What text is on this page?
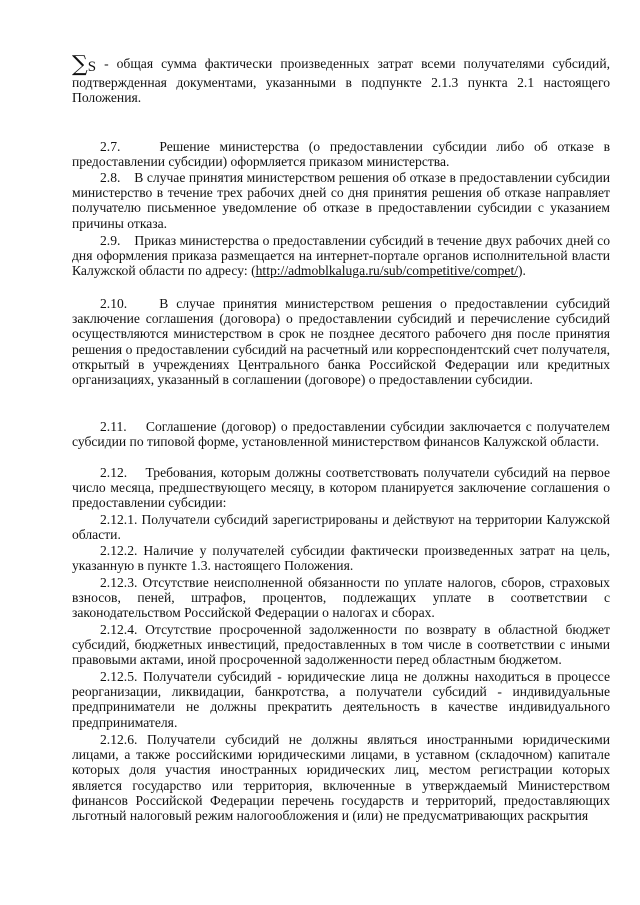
∑S - общая сумма фактически произведенных затрат всеми получателями субсидий, подтвержденная документами, указанными в подпункте 2.1.3 пункта 2.1 настоящего Положения.

2.7.	Решение министерства (о предоставлении субсидии либо об отказе в предоставлении субсидии) оформляется приказом министерства.

2.8. В случае принятия министерством решения об отказе в предоставлении субсидии министерство в течение трех рабочих дней со дня принятия решения об отказе направляет получателю письменное уведомление об отказе в предоставлении субсидии с указанием причины отказа.

2.9. Приказ министерства о предоставлении субсидий в течение двух рабочих дней со дня оформления приказа размещается на интернет-портале органов исполнительной власти Калужской области по адресу: (http://admoblkaluga.ru/sub/competitive/compet/).

2.10. В случае принятия министерством решения о предоставлении субсидий заключение соглашения (договора) о предоставлении субсидий и перечисление субсидий осуществляются министерством в срок не позднее десятого рабочего дня после принятия решения о предоставлении субсидий на расчетный или корреспондентский счет получателя, открытый в учреждениях Центрального банка Российской Федерации или кредитных организациях, указанный в соглашении (договоре) о предоставлении субсидии.

2.11. Соглашение (договор) о предоставлении субсидии заключается с получателем субсидии по типовой форме, установленной министерством финансов Калужской области.

2.12. Требования, которым должны соответствовать получатели субсидий на первое число месяца, предшествующего месяцу, в котором планируется заключение соглашения о предоставлении субсидии:

2.12.1. Получатели субсидий зарегистрированы и действуют на территории Калужской области.

2.12.2. Наличие у получателей субсидии фактически произведенных затрат на цель, указанную в пункте 1.3. настоящего Положения.

2.12.3. Отсутствие неисполненной обязанности по уплате налогов, сборов, страховых взносов, пеней, штрафов, процентов, подлежащих уплате в соответствии с законодательством Российской Федерации о налогах и сборах.

2.12.4. Отсутствие просроченной задолженности по возврату в областной бюджет субсидий, бюджетных инвестиций, предоставленных в том числе в соответствии с иными правовыми актами, иной просроченной задолженности перед областным бюджетом.

2.12.5. Получатели субсидий - юридические лица не должны находиться в процессе реорганизации, ликвидации, банкротства, а получатели субсидий - индивидуальные предприниматели не должны прекратить деятельность в качестве индивидуального предпринимателя.

2.12.6. Получатели субсидий не должны являться иностранными юридическими лицами, а также российскими юридическими лицами, в уставном (складочном) капитале которых доля участия иностранных юридических лиц, местом регистрации которых является государство или территория, включенные в утверждаемый Министерством финансов Российской Федерации перечень государств и территорий, предоставляющих льготный налоговый режим налогообложения и (или) не предусматривающих раскрытия
